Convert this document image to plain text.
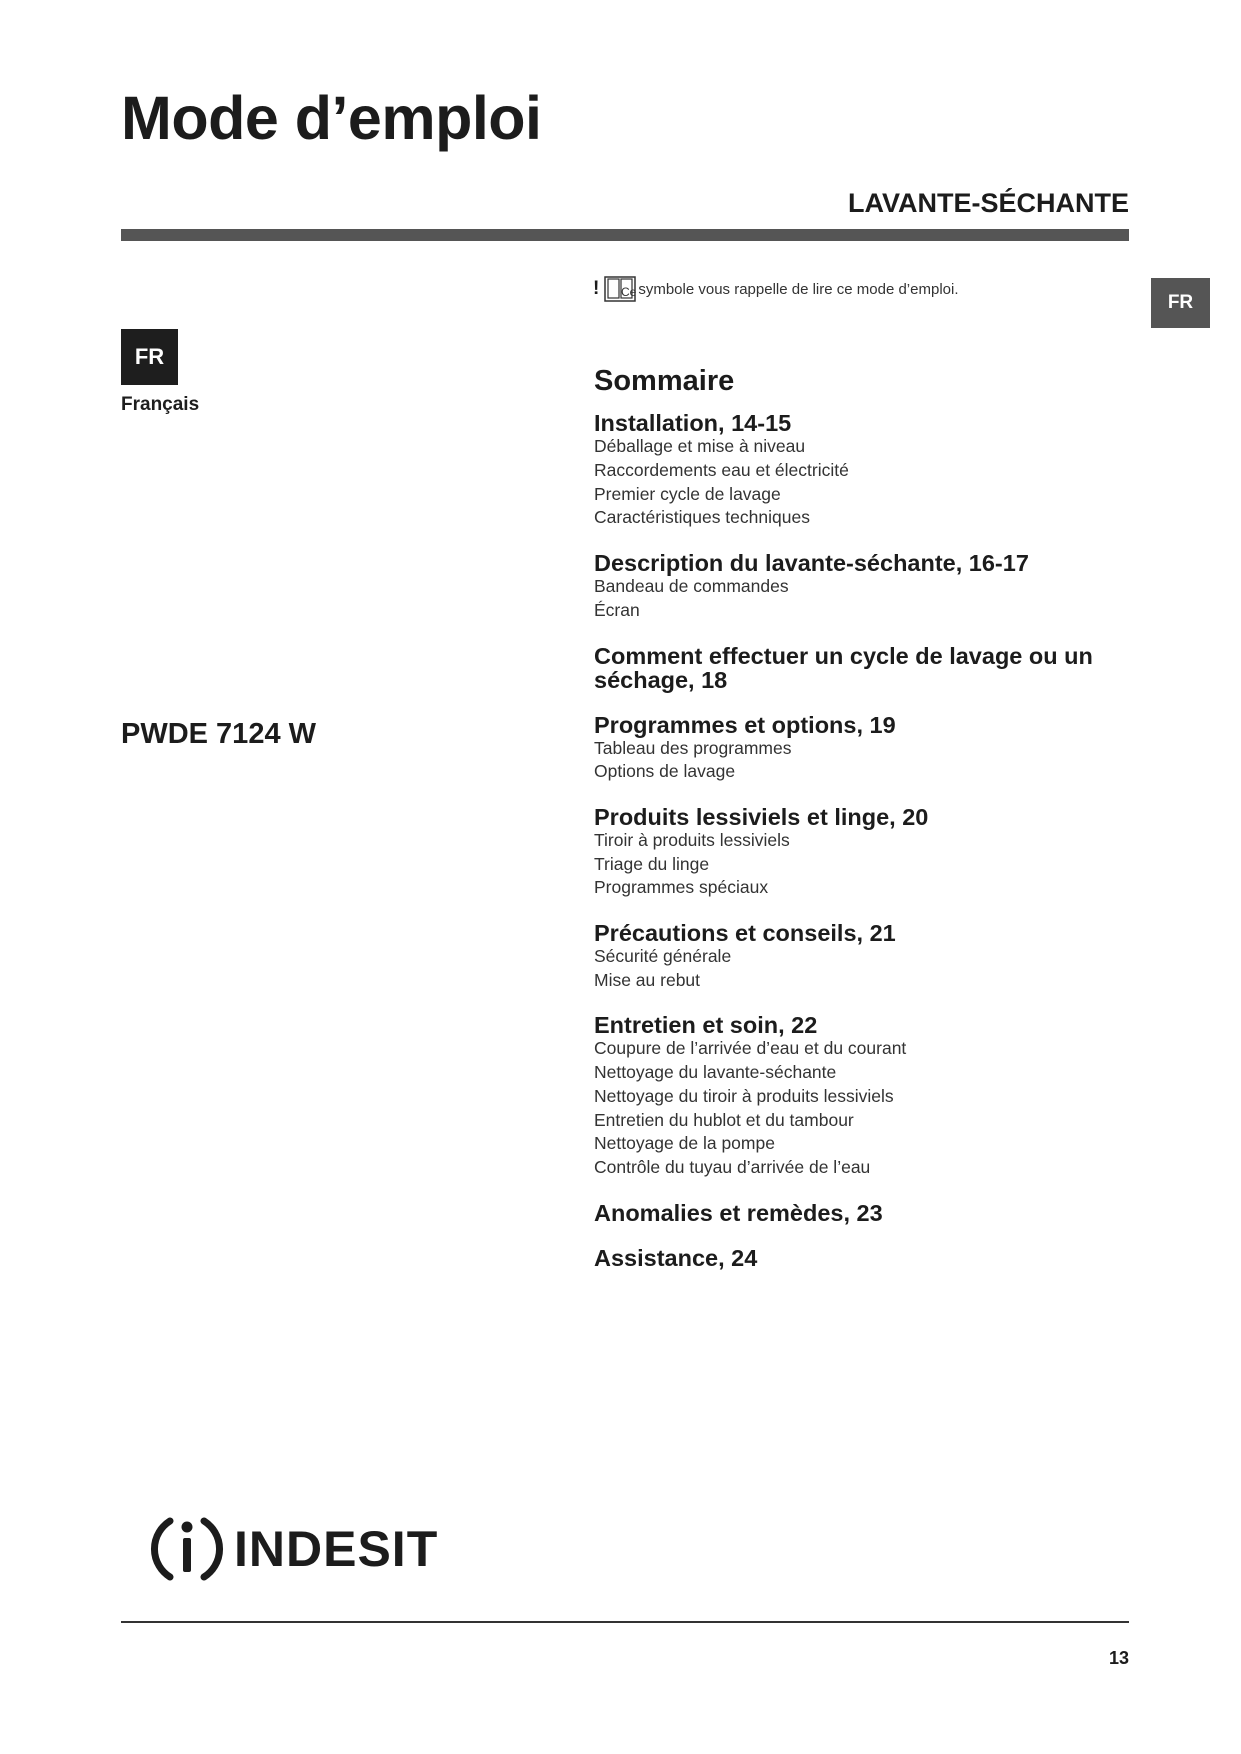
Mode d’emploi
LAVANTE-SÉCHANTE
! Ce symbole vous rappelle de lire ce mode d’emploi.
FR
FR
Français
PWDE 7124 W
Sommaire
Installation, 14-15
Déballage et mise à niveau
Raccordements eau et électricité
Premier cycle de lavage
Caractéristiques techniques
Description du lavante-séchante, 16-17
Bandeau de commandes
Écran
Comment effectuer un cycle de lavage ou un séchage, 18
Programmes et options, 19
Tableau des programmes
Options de lavage
Produits lessiviels et linge, 20
Tiroir à produits lessiviels
Triage du linge
Programmes spéciaux
Précautions et conseils, 21
Sécurité générale
Mise au rebut
Entretien et soin, 22
Coupure de l’arrivée d’eau et du courant
Nettoyage du lavante-séchante
Nettoyage du tiroir à produits lessiviels
Entretien du hublot et du tambour
Nettoyage de la pompe
Contrôle du tuyau d’arrivée de l’eau
Anomalies et remèdes, 23
Assistance, 24
INDESIT
13
